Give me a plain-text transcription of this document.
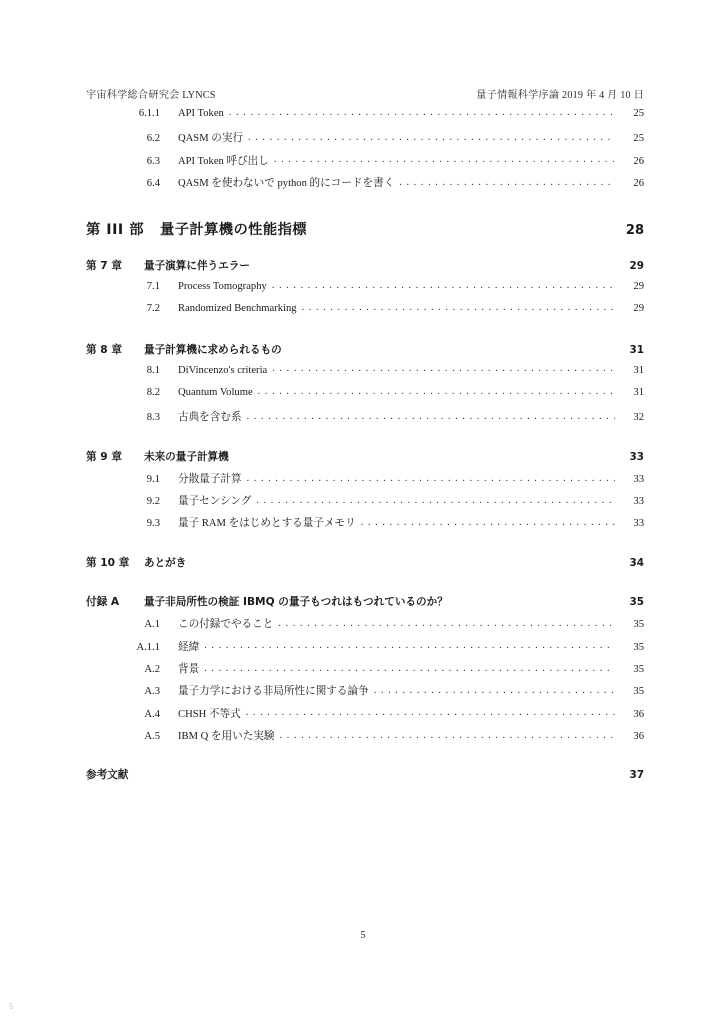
宇宙科学総合研究会 LYNCS	量子情報科学序論 2019 年 4 月 10 日
6.1.1 API Token . . .	25
6.2 QASM の実行 . . .	25
6.3 API Token 呼び出し . . .	26
6.4 QASM を使わないで python 的にコードを書く . . .	26
第 III 部 量子計算機の性能指標	28
第 7 章	量子演算に伴うエラー	29
7.1 Process Tomography . . .	29
7.2 Randomized Benchmarking . . .	29
第 8 章	量子計算機に求められるもの	31
8.1 DiVincenzo's criteria . . .	31
8.2 Quantum Volume . . .	31
8.3 古典を含む系 . . .	32
第 9 章	未来の量子計算機	33
9.1 分散量子計算 . . .	33
9.2 量子センシング . . .	33
9.3 量子 RAM をはじめとする量子メモリ . . .	33
第 10 章	あとがき	34
付録 A	量子非局所性の検証 IBMQ の量子もつれはもつれているのか？	35
A.1 この付録でやること . . .	35
A.1.1 経緯 . . .	35
A.2 背景 . . .	35
A.3 量子力学における非局所性に関する論争 . . .	35
A.4 CHSH 不等式 . . .	36
A.5 IBM Q を用いた実験 . . .	36
参考文献	37
5
5
